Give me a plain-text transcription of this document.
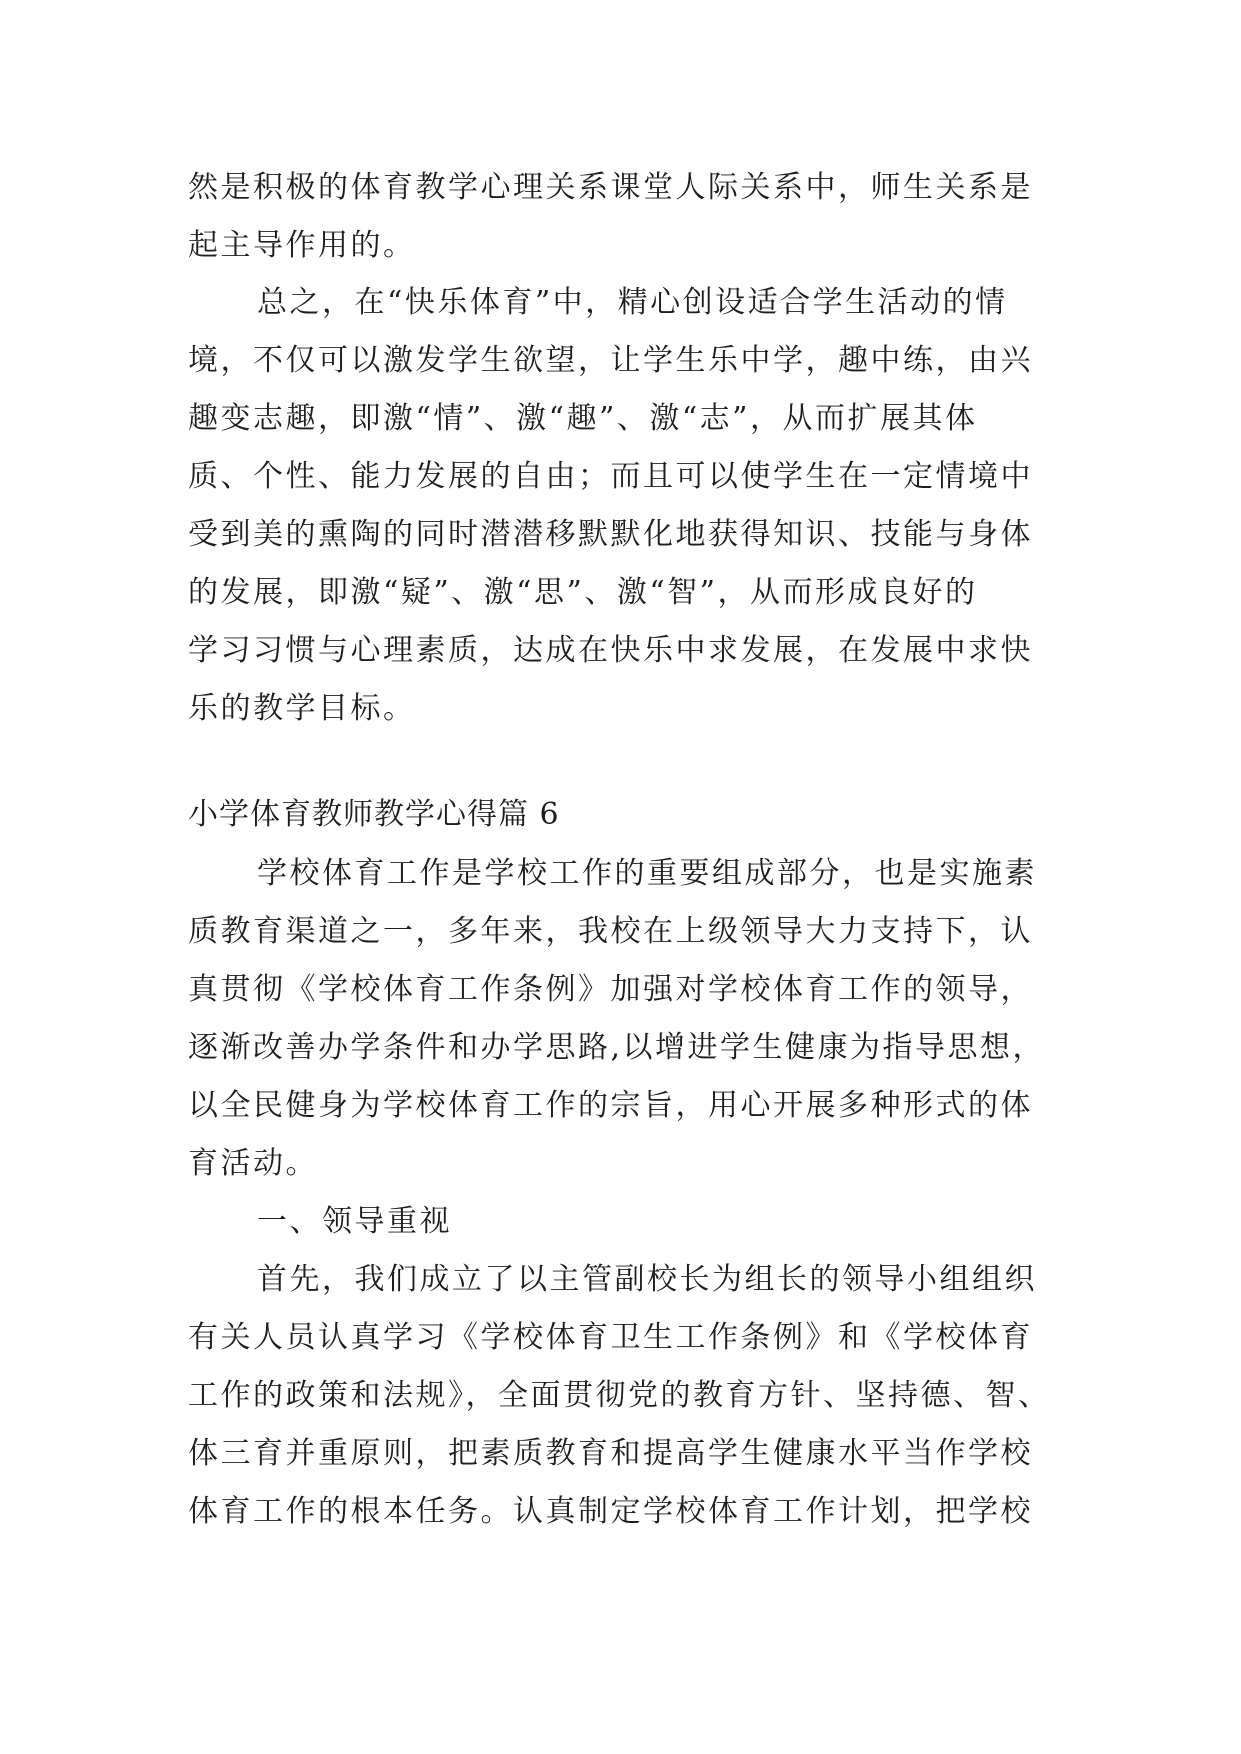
然是积极的体育教学心理关系课堂人际关系中，师生关系是
起主导作用的。
总之，在“快乐体育”中，精心创设适合学生活动的情
境，不仅可以激发学生欲望，让学生乐中学，趣中练，由兴
趣变志趣，即激“情”、激“趣”、激“志”，从而扩展其体
质、个性、能力发展的自由；而且可以使学生在一定情境中
受到美的熏陶的同时潜潜移默默化地获得知识、技能与身体
的发展，即激“疑”、激“思”、激“智”，从而形成良好的
学习习惯与心理素质，达成在快乐中求发展，在发展中求快
乐的教学目标。
小学体育教师教学心得篇 6
学校体育工作是学校工作的重要组成部分，也是实施素
质教育渠道之一，多年来，我校在上级领导大力支持下，认
真贯彻《学校体育工作条例》加强对学校体育工作的领导，
逐渐改善办学条件和办学思路,以增进学生健康为指导思想，
以全民健身为学校体育工作的宗旨，用心开展多种形式的体
育活动。
一、领导重视
首先，我们成立了以主管副校长为组长的领导小组组织
有关人员认真学习《学校体育卫生工作条例》和《学校体育
工作的政策和法规》，全面贯彻党的教育方针、坚持德、智、
体三育并重原则，把素质教育和提高学生健康水平当作学校
体育工作的根本任务。认真制定学校体育工作计划，把学校
